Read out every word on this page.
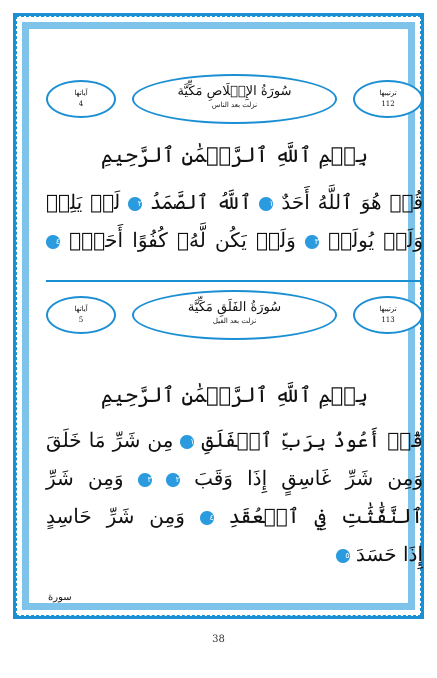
آياتها
4
سُورَةُ الإِخۡلَاصِ مَكِّيَّة
نزلت بعد الناس
ترتيبها
112
بِسۡمِ ٱللَّهِ ٱلرَّحۡمَٰنِ ٱلرَّحِيمِ
قُلۡ هُوَ ٱللَّهُ أَحَدٌ ١ ٱللَّهُ ٱلصَّمَدُ ٢ لَمۡ يَلِدۡ
وَلَمۡ يُولَدۡ ٣ وَلَمۡ يَكُن لَّهُۥ كُفُوًا أَحَدُۢ ٤
آياتها
5
سُورَةُ الفَلَقِ مَكِّيَّة
نزلت بعد الفيل
ترتيبها
113
بِسۡمِ ٱللَّهِ ٱلرَّحۡمَٰنِ ٱلرَّحِيمِ
قُلۡ أَعُوذُ بِرَبِّ ٱلۡفَلَقِ ١ مِن شَرِّ مَا خَلَقَ
وَمِن شَرِّ غَاسِقٍ إِذَا وَقَبَ ٢ ٣ وَمِن شَرِّ
ٱلنَّفَّٰثَٰتِ فِي ٱلۡعُقَدِ ٤ وَمِن شَرِّ حَاسِدٍ
إِذَا حَسَدَ ٥
سورة
38
